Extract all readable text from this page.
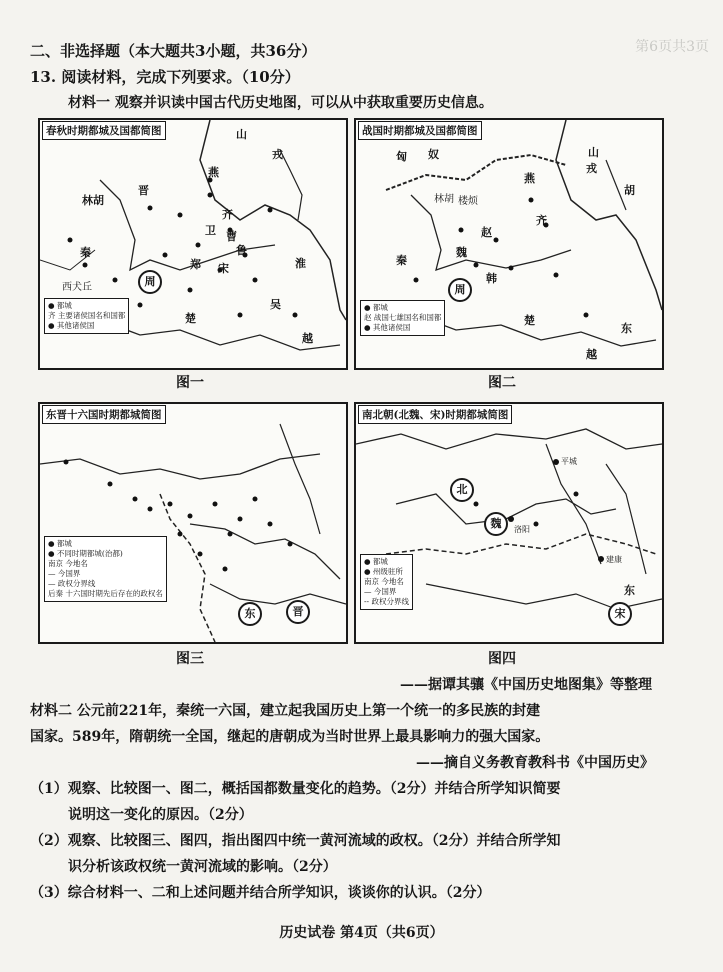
二、非选择题（本大题共3小题，共36分）
13. 阅读材料，完成下列要求。（10分）
材料一 观察并识读中国古代历史地图，可以从中获取重要历史信息。
第6页共3页
春秋时期都城及国都简图	山
戎
燕
林胡
晋
齐
卫
鲁
秦
曹
郑 宋
周
楚
吴
越
西犬丘
淮
● 都城
齐 主要诸侯国名和国都
● 其他诸侯国
战国时期都城及国都简图
匈 奴	山
戎
燕
林胡 楼烦
齐
赵
魏
韩
秦
楚
周
东
胡
越
● 都城
赵 战国七雄国名和国都
● 其他诸侯国
图一	图二
东晋十六国时期都城简图
晋
东
● 都城
● 不同时期都城(治都)
南京 今地名
— 今国界
— 政权分界线
后秦 十六国时期先后存在的政权名
南北朝(北魏、宋)时期都城简图
北
魏
宋
平城
洛阳
建康
东
● 都城
● 州级驻所
南京 今地名
— 今国界
-- 政权分界线
图三	图四
——据谭其骧《中国历史地图集》等整理
材料二 公元前221年，秦统一六国，建立起我国历史上第一个统一的多民族的封建
国家。589年，隋朝统一全国，继起的唐朝成为当时世界上最具影响力的强大国家。
——摘自义务教育教科书《中国历史》
（1）观察、比较图一、图二，概括国都数量变化的趋势。（2分）并结合所学知识简要
说明这一变化的原因。（2分）
（2）观察、比较图三、图四，指出图四中统一黄河流域的政权。（2分）并结合所学知
识分析该政权统一黄河流域的影响。（2分）
（3）综合材料一、二和上述问题并结合所学知识，谈谈你的认识。（2分）
历史试卷 第4页（共6页）
